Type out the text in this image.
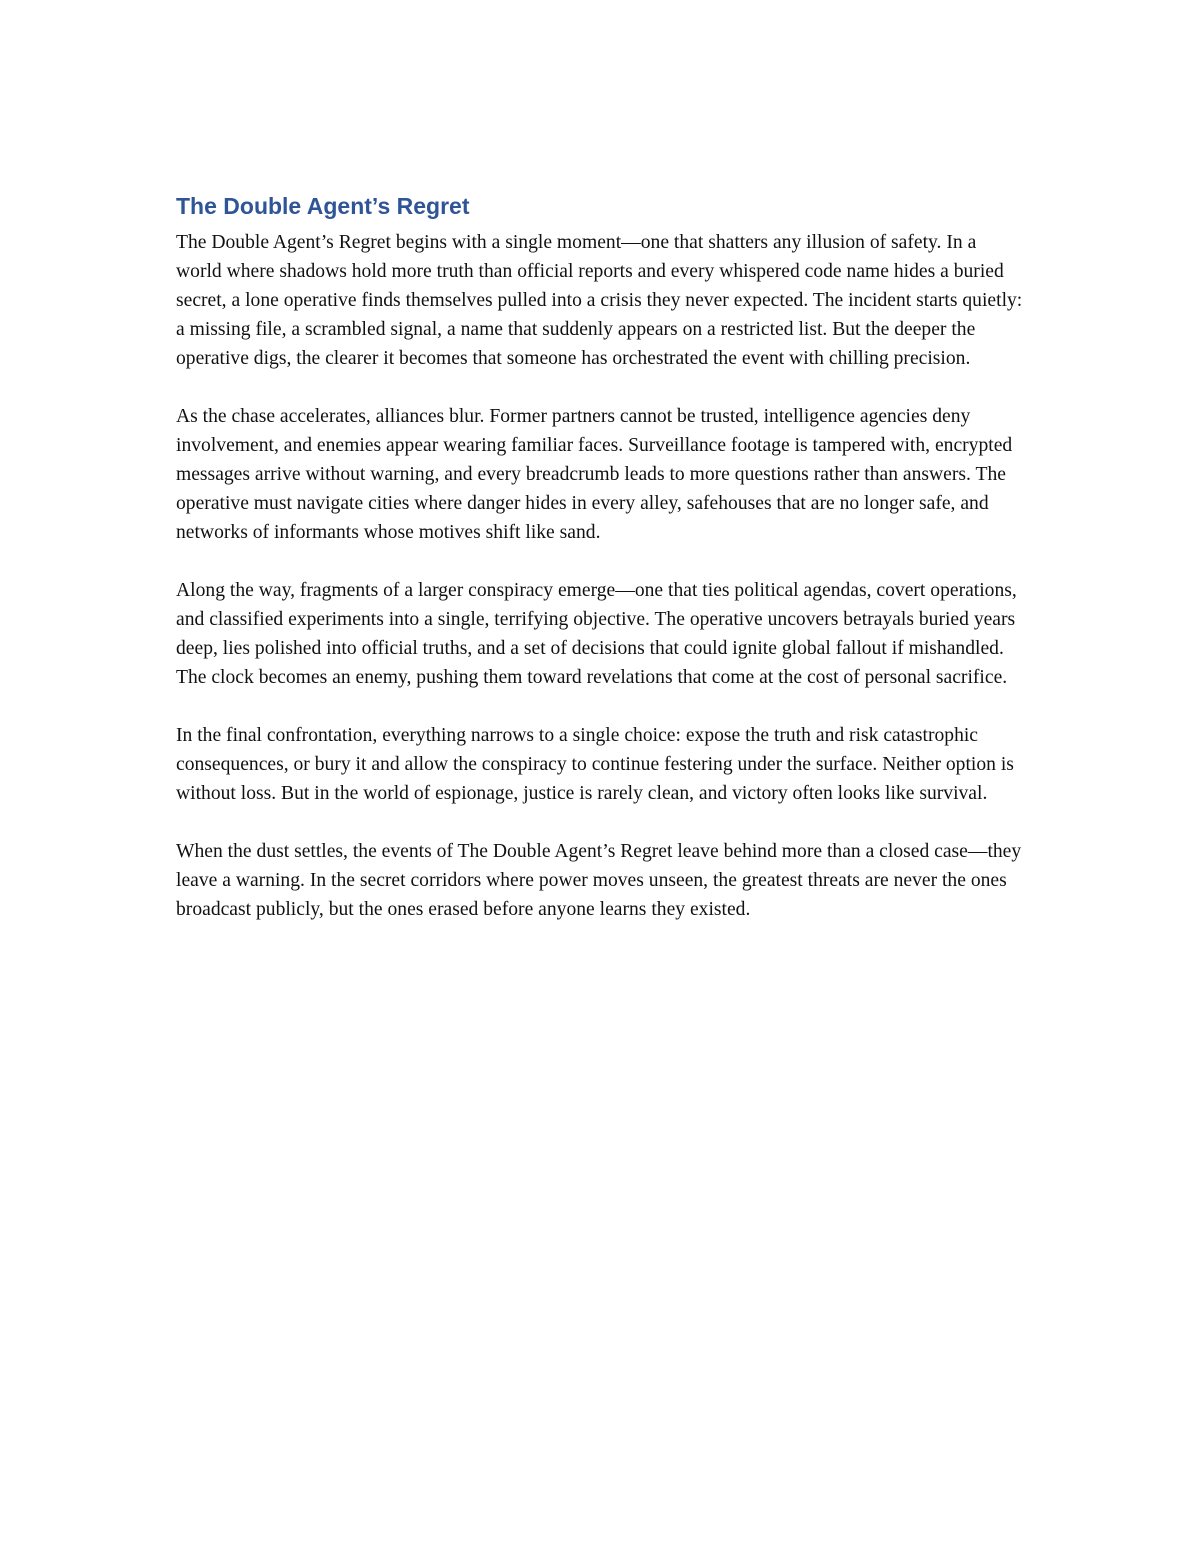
The Double Agent’s Regret

The Double Agent’s Regret begins with a single moment—one that shatters any illusion of safety. In a world where shadows hold more truth than official reports and every whispered code name hides a buried secret, a lone operative finds themselves pulled into a crisis they never expected. The incident starts quietly: a missing file, a scrambled signal, a name that suddenly appears on a restricted list. But the deeper the operative digs, the clearer it becomes that someone has orchestrated the event with chilling precision.

As the chase accelerates, alliances blur. Former partners cannot be trusted, intelligence agencies deny involvement, and enemies appear wearing familiar faces. Surveillance footage is tampered with, encrypted messages arrive without warning, and every breadcrumb leads to more questions rather than answers. The operative must navigate cities where danger hides in every alley, safehouses that are no longer safe, and networks of informants whose motives shift like sand.

Along the way, fragments of a larger conspiracy emerge—one that ties political agendas, covert operations, and classified experiments into a single, terrifying objective. The operative uncovers betrayals buried years deep, lies polished into official truths, and a set of decisions that could ignite global fallout if mishandled. The clock becomes an enemy, pushing them toward revelations that come at the cost of personal sacrifice.

In the final confrontation, everything narrows to a single choice: expose the truth and risk catastrophic consequences, or bury it and allow the conspiracy to continue festering under the surface. Neither option is without loss. But in the world of espionage, justice is rarely clean, and victory often looks like survival.

When the dust settles, the events of The Double Agent’s Regret leave behind more than a closed case—they leave a warning. In the secret corridors where power moves unseen, the greatest threats are never the ones broadcast publicly, but the ones erased before anyone learns they existed.
